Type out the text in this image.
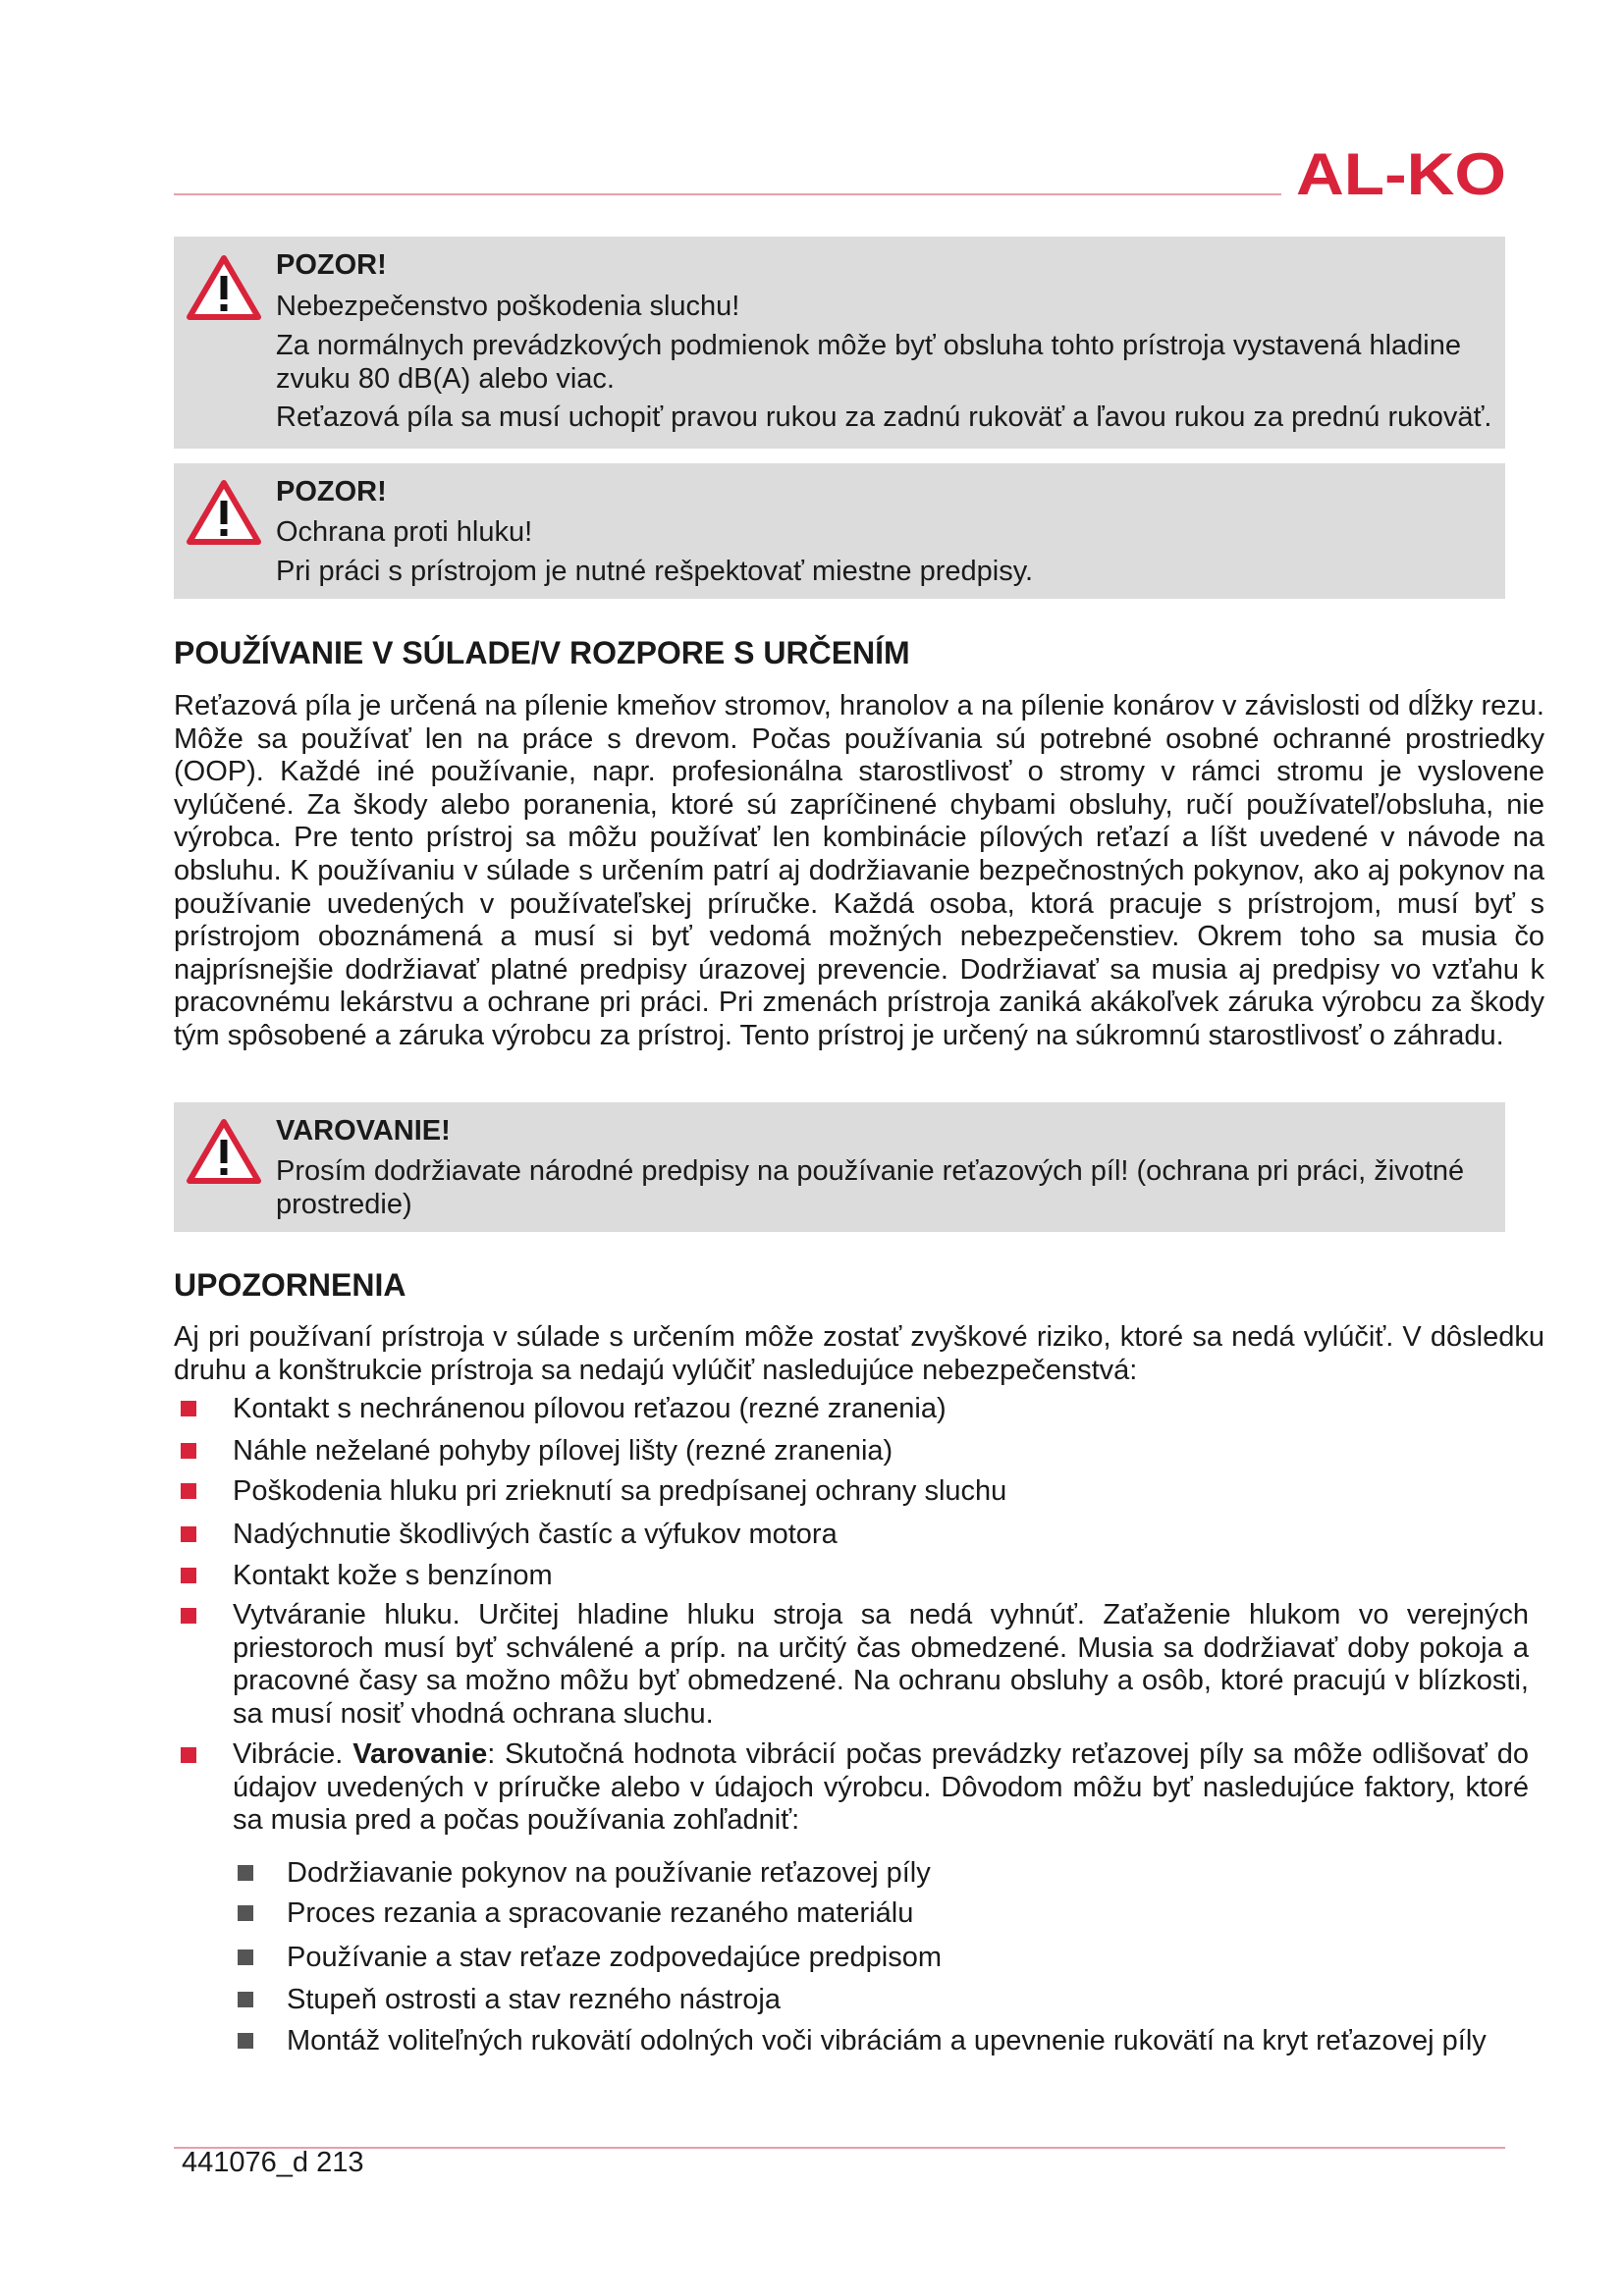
AL-KO
POZOR!
Nebezpečenstvo poškodenia sluchu!
Za normálnych prevádzkových podmienok môže byť obsluha tohto prístroja vystavená hladine zvuku 80 dB(A) alebo viac.
Reťazová píla sa musí uchopiť pravou rukou za zadnú rukoväť a ľavou rukou za prednú rukoväť.
POZOR!
Ochrana proti hluku!
Pri práci s prístrojom je nutné rešpektovať miestne predpisy.
POUŽÍVANIE V SÚLADE/V ROZPORE S URČENÍM
Reťazová píla je určená na pílenie kmeňov stromov, hranolov a na pílenie konárov v závislosti od dĺžky rezu. Môže sa používať len na práce s drevom. Počas používania sú potrebné osobné ochranné prostriedky (OOP). Každé iné používanie, napr. profesionálna starostlivosť o stromy v rámci stromu je vyslovene vylúčené. Za škody alebo poranenia, ktoré sú zapríčinené chybami obsluhy, ručí používateľ/obsluha, nie výrobca. Pre tento prístroj sa môžu používať len kombinácie pílových reťazí a líšt uvedené v návode na obsluhu. K používaniu v súlade s určením patrí aj dodržiavanie bezpečnostných pokynov, ako aj pokynov na používanie uvedených v používateľskej príručke. Každá osoba, ktorá pracuje s prístrojom, musí byť s prístrojom oboznámená a musí si byť vedomá možných nebezpečenstiev. Okrem toho sa musia čo najprísnejšie dodržiavať platné predpisy úrazovej prevencie. Dodržiavať sa musia aj predpisy vo vzťahu k pracovnému lekárstvu a ochrane pri práci. Pri zmenách prístroja zaniká akákoľvek záruka výrobcu za škody tým spôsobené a záruka výrobcu za prístroj. Tento prístroj je určený na súkromnú starostlivosť o záhradu.
VAROVANIE!
Prosím dodržiavate národné predpisy na používanie reťazových píl! (ochrana pri práci, životné prostredie)
UPOZORNENIA
Aj pri používaní prístroja v súlade s určením môže zostať zvyškové riziko, ktoré sa nedá vylúčiť. V dôsledku druhu a konštrukcie prístroja sa nedajú vylúčiť nasledujúce nebezpečenstvá:
Kontakt s nechránenou pílovou reťazou (rezné zranenia)
Náhle neželané pohyby pílovej lišty (rezné zranenia)
Poškodenia hluku pri zrieknutí sa predpísanej ochrany sluchu
Nadýchnutie škodlivých častíc a výfukov motora
Kontakt kože s benzínom
Vytváranie hluku. Určitej hladine hluku stroja sa nedá vyhnúť. Zaťaženie hlukom vo verejných priestoroch musí byť schválené a príp. na určitý čas obmedzené. Musia sa dodržiavať doby pokoja a pracovné časy sa možno môžu byť obmedzené. Na ochranu obsluhy a osôb, ktoré pracujú v blízkosti, sa musí nosiť vhodná ochrana sluchu.
Vibrácie. Varovanie: Skutočná hodnota vibrácií počas prevádzky reťazovej píly sa môže odlišovať do údajov uvedených v príručke alebo v údajoch výrobcu. Dôvodom môžu byť nasledujúce faktory, ktoré sa musia pred a počas používania zohľadniť:
Dodržiavanie pokynov na používanie reťazovej píly
Proces rezania a spracovanie rezaného materiálu
Používanie a stav reťaze zodpovedajúce predpisom
Stupeň ostrosti a stav rezného nástroja
Montáž voliteľných rukovätí odolných voči vibráciám a upevnenie rukovätí na kryt reťazovej píly
441076_d 213
